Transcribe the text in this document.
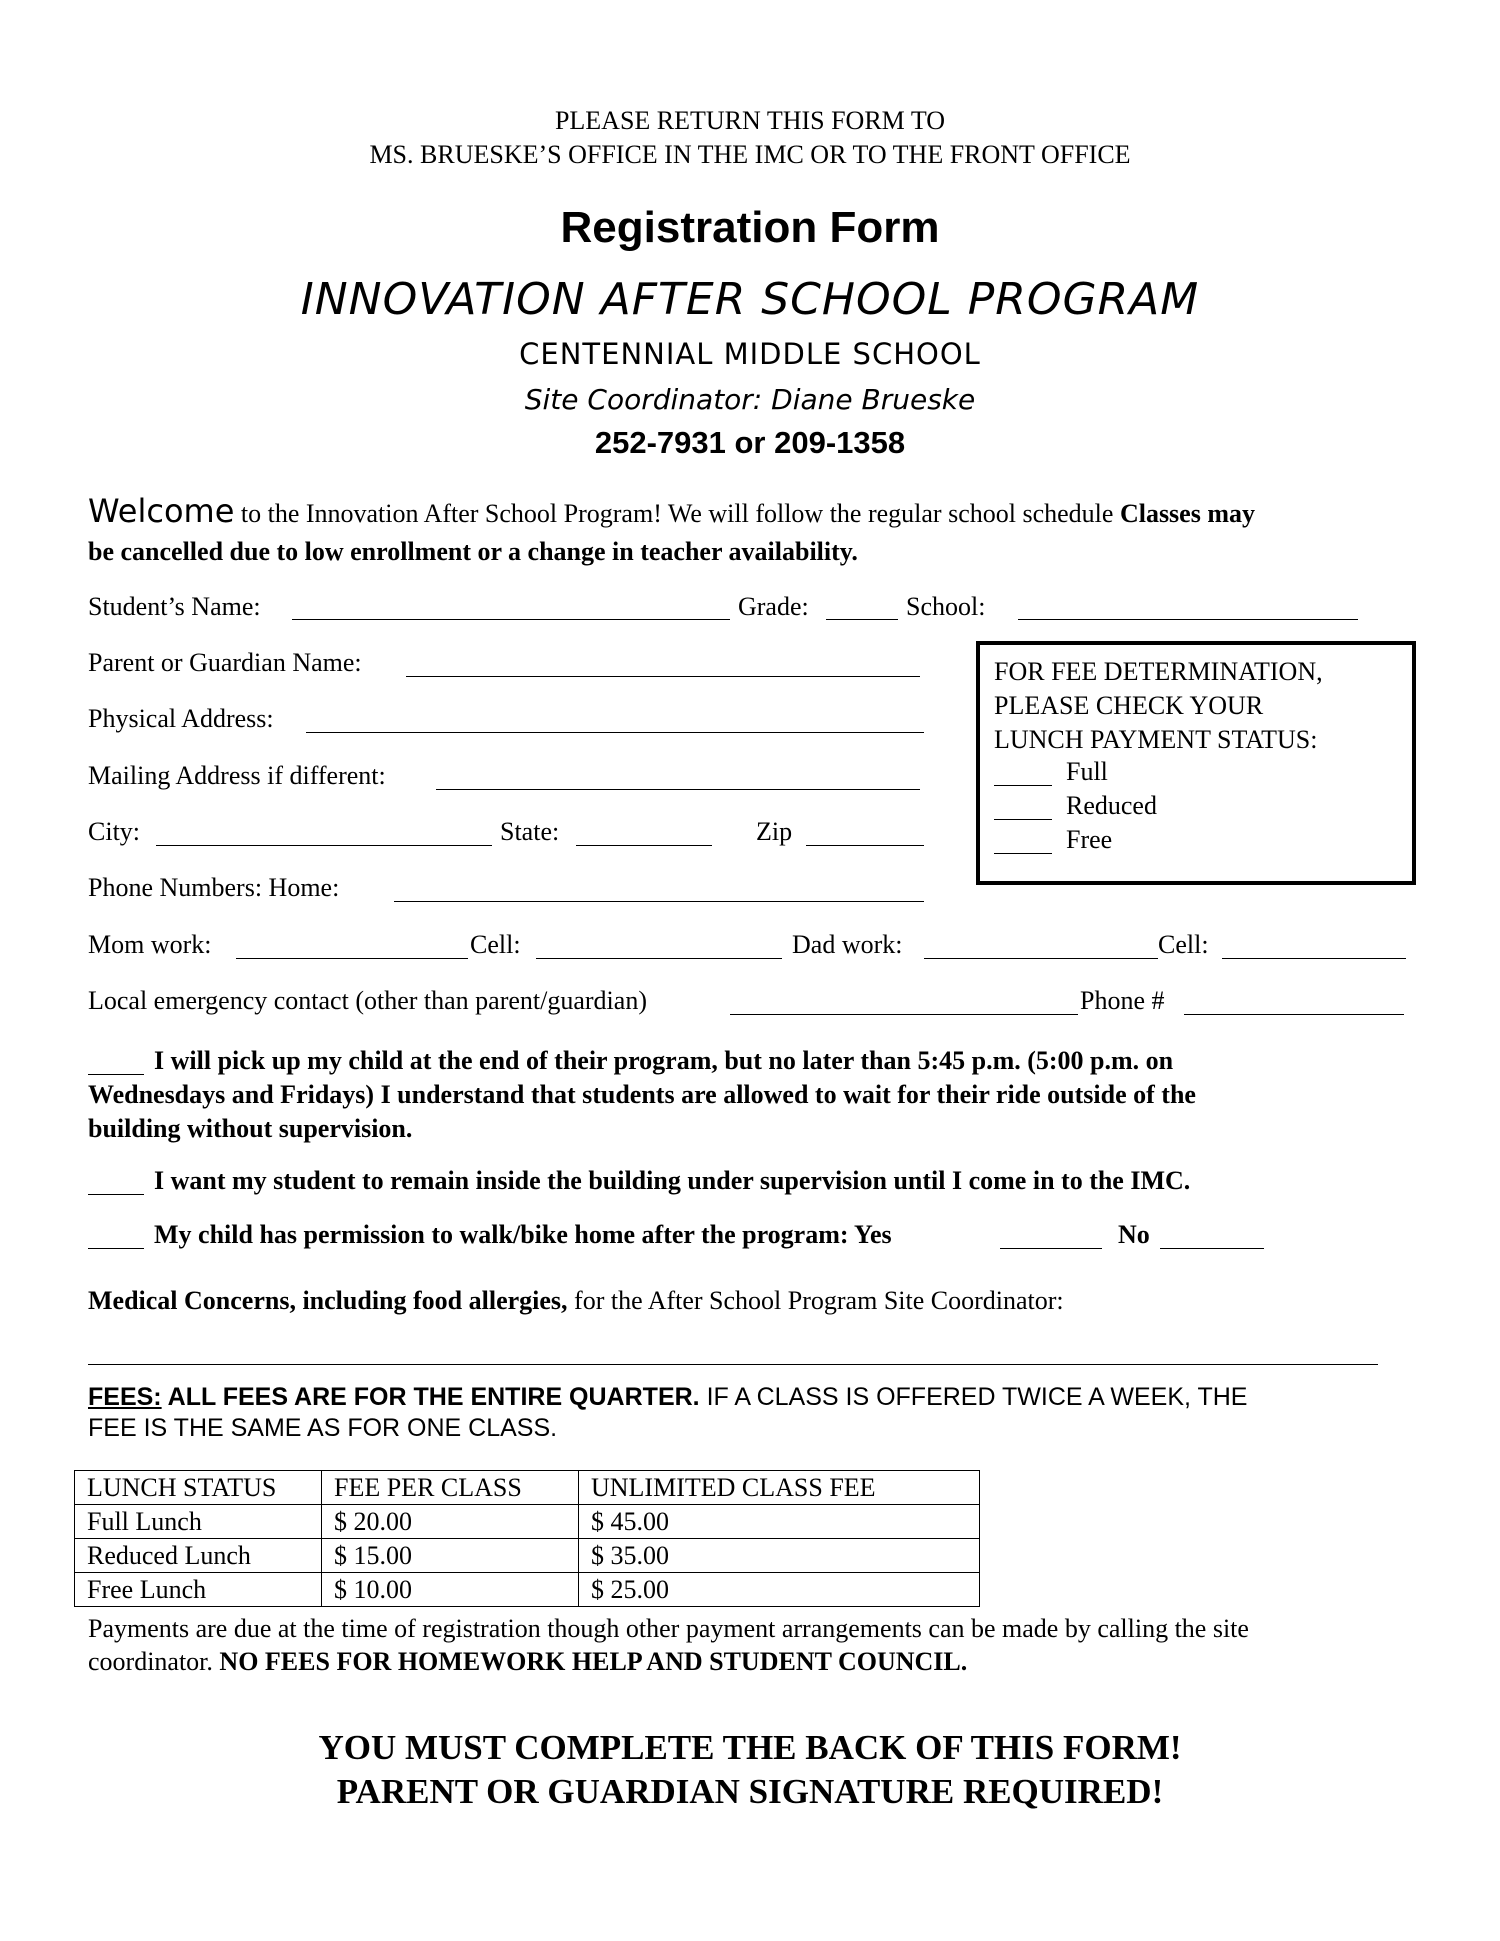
PLEASE RETURN THIS FORM TO
MS. BRUESKE’S OFFICE IN THE IMC OR TO THE FRONT OFFICE
Registration Form
INNOVATION AFTER SCHOOL PROGRAM
CENTENNIAL MIDDLE SCHOOL
Site Coordinator: Diane Brueske
252-7931 or 209-1358
Welcome to the Innovation After School Program! We will follow the regular school schedule Classes may
be cancelled due to low enrollment or a change in teacher availability.
Student’s Name:	Grade:	School:
Parent or Guardian Name:
Physical Address:
Mailing Address if different:
City:	State:	Zip
Phone Numbers: Home:
FOR FEE DETERMINATION,
PLEASE CHECK YOUR
LUNCH PAYMENT STATUS:
Full
Reduced
Free
Mom work:	Cell:	Dad work:	Cell:
Local emergency contact (other than parent/guardian)	Phone #
I will pick up my child at the end of their program, but no later than 5:45 p.m. (5:00 p.m. on
Wednesdays and Fridays) I understand that students are allowed to wait for their ride outside of the
building without supervision.
I want my student to remain inside the building under supervision until I come in to the IMC.
My child has permission to walk/bike home after the program: Yes	No
Medical Concerns, including food allergies, for the After School Program Site Coordinator:
FEES: ALL FEES ARE FOR THE ENTIRE QUARTER. IF A CLASS IS OFFERED TWICE A WEEK, THE
FEE IS THE SAME AS FOR ONE CLASS.
LUNCH STATUS	FEE PER CLASS	UNLIMITED CLASS FEE
Full Lunch	$ 20.00	$ 45.00
Reduced Lunch	$ 15.00	$ 35.00
Free Lunch	$ 10.00	$ 25.00
Payments are due at the time of registration though other payment arrangements can be made by calling the site
coordinator. NO FEES FOR HOMEWORK HELP AND STUDENT COUNCIL.
YOU MUST COMPLETE THE BACK OF THIS FORM!
PARENT OR GUARDIAN SIGNATURE REQUIRED!
